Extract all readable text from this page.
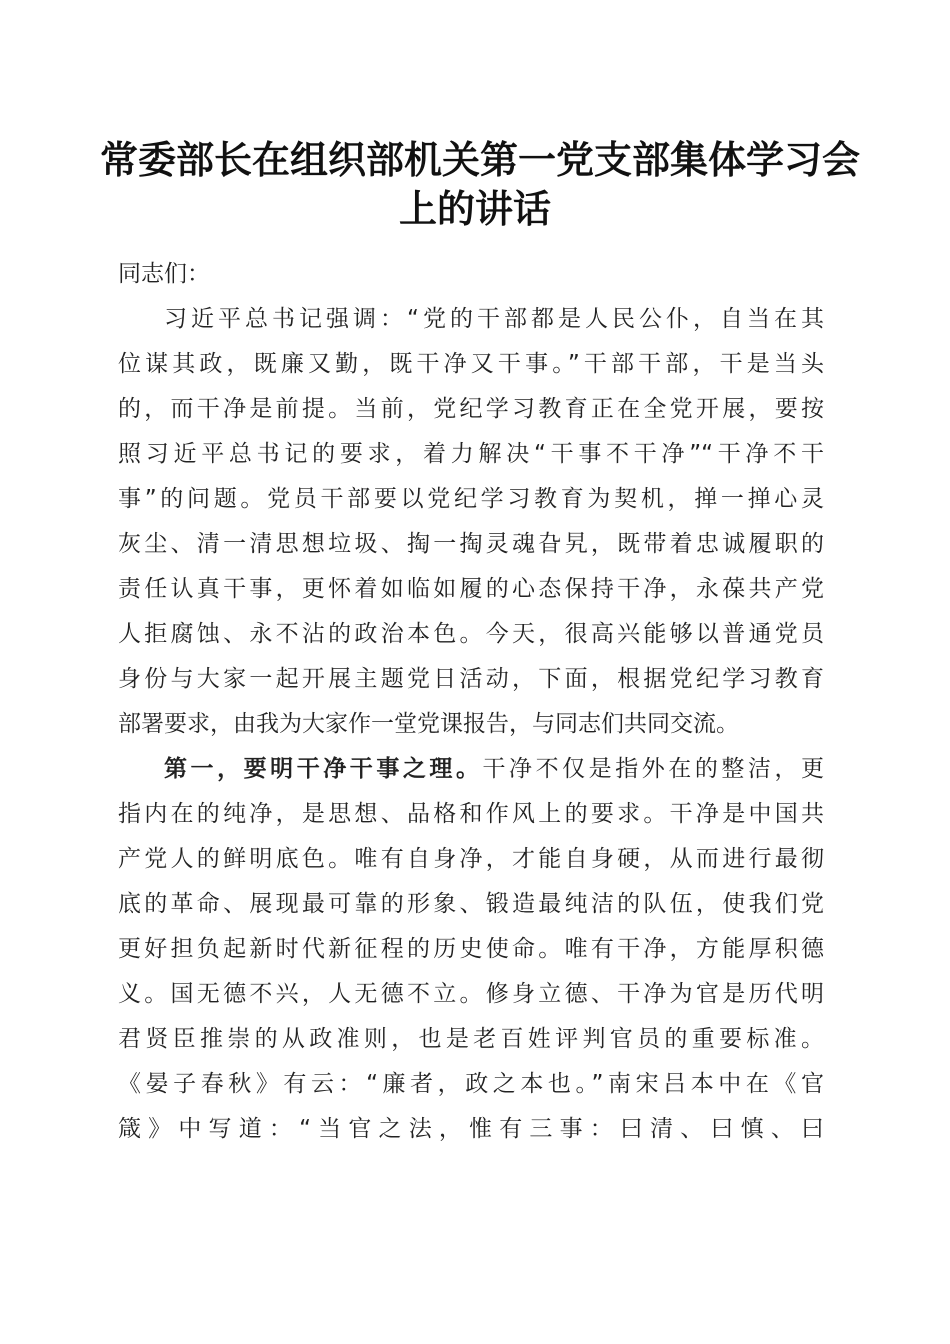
常委部长在组织部机关第一党支部集体学习会
上的讲话

同志们：

习近平总书记强调：“党的干部都是人民公仆，自当在其
位谋其政，既廉又勤，既干净又干事。”干部干部，干是当头
的，而干净是前提。当前，党纪学习教育正在全党开展，要按
照习近平总书记的要求，着力解决“干事不干净”“干净不干
事”的问题。党员干部要以党纪学习教育为契机，掸一掸心灵
灰尘、清一清思想垃圾、掏一掏灵魂旮旯，既带着忠诚履职的
责任认真干事，更怀着如临如履的心态保持干净，永葆共产党
人拒腐蚀、永不沾的政治本色。今天，很高兴能够以普通党员
身份与大家一起开展主题党日活动，下面，根据党纪学习教育
部署要求，由我为大家作一堂党课报告，与同志们共同交流。

第一，要明干净干事之理。干净不仅是指外在的整洁，更
指内在的纯净，是思想、品格和作风上的要求。干净是中国共
产党人的鲜明底色。唯有自身净，才能自身硬，从而进行最彻
底的革命、展现最可靠的形象、锻造最纯洁的队伍，使我们党
更好担负起新时代新征程的历史使命。唯有干净，方能厚积德
义。国无德不兴，人无德不立。修身立德、干净为官是历代明
君贤臣推崇的从政准则，也是老百姓评判官员的重要标准。
《晏子春秋》有云：“廉者，政之本也。”南宋吕本中在《官
箴》中写道：“当官之法，惟有三事：曰清、曰慎、曰
